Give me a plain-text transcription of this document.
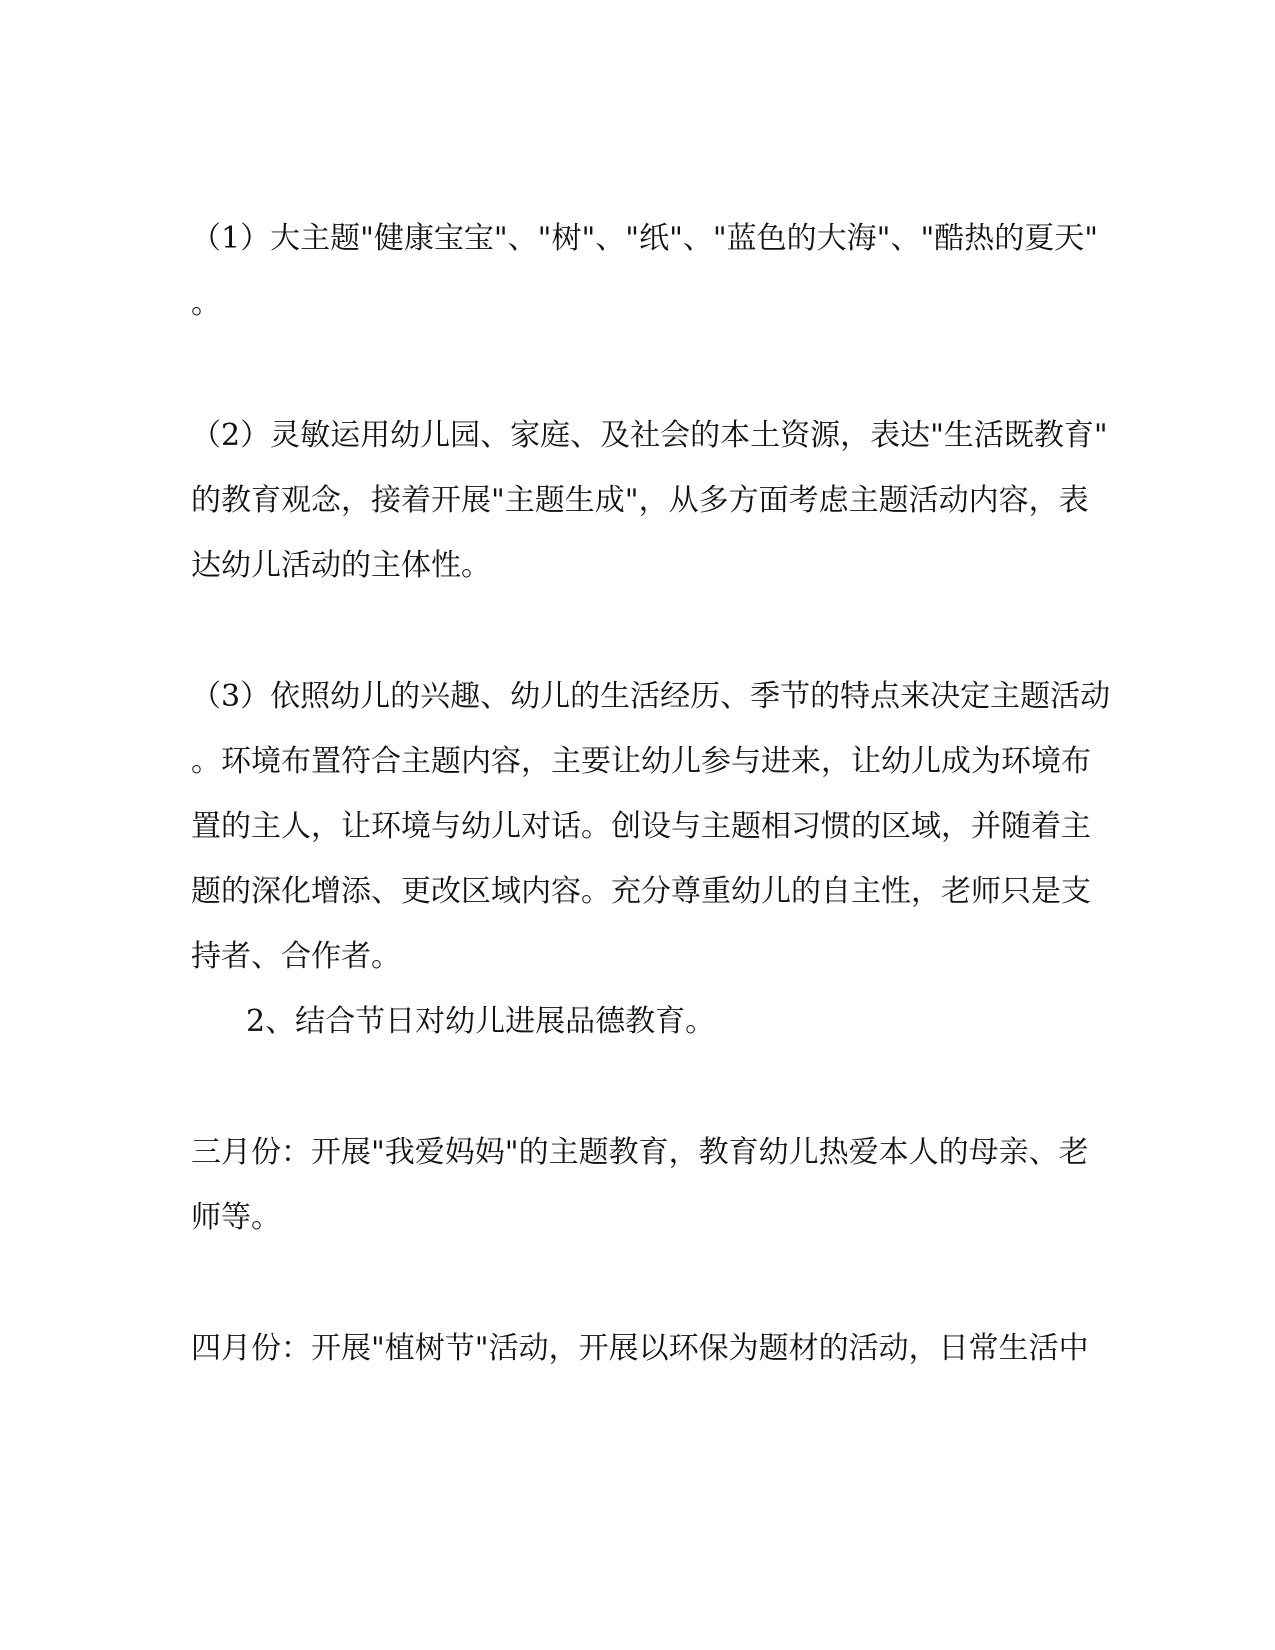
（1）大主题"健康宝宝"、"树"、"纸"、"蓝色的大海"、"酷热的夏天"

。

（2）灵敏运用幼儿园、家庭、及社会的本土资源，表达"生活既教育"

的教育观念，接着开展"主题生成"，从多方面考虑主题活动内容，表

达幼儿活动的主体性。

（3）依照幼儿的兴趣、幼儿的生活经历、季节的特点来决定主题活动

。环境布置符合主题内容，主要让幼儿参与进来，让幼儿成为环境布

置的主人，让环境与幼儿对话。创设与主题相习惯的区域，并随着主

题的深化增添、更改区域内容。充分尊重幼儿的自主性，老师只是支

持者、合作者。

2、结合节日对幼儿进展品德教育。

三月份：开展"我爱妈妈"的主题教育，教育幼儿热爱本人的母亲、老

师等。

四月份：开展"植树节"活动，开展以环保为题材的活动，日常生活中
